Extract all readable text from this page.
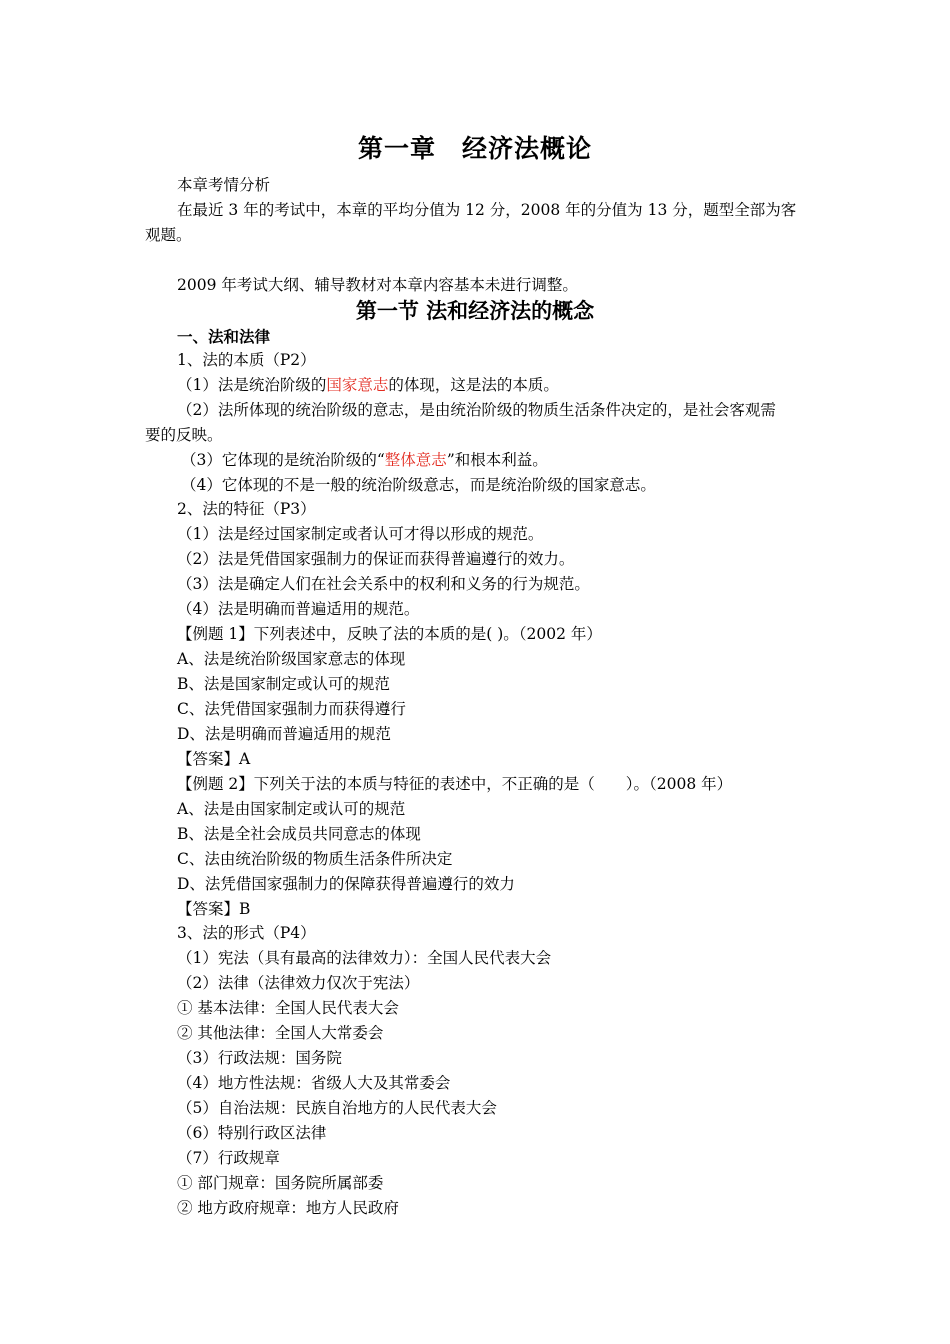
第一章　经济法概论
本章考情分析
在最近 3 年的考试中，本章的平均分值为 12 分，2008 年的分值为 13 分，题型全部为客
观题。
2009 年考试大纲、辅导教材对本章内容基本未进行调整。
第一节 法和经济法的概念
一、法和法律
1、法的本质（P2）
（1）法是统治阶级的国家意志的体现，这是法的本质。
（2）法所体现的统治阶级的意志，是由统治阶级的物质生活条件决定的，是社会客观需
要的反映。
（3）它体现的是统治阶级的“整体意志”和根本利益。
（4）它体现的不是一般的统治阶级意志，而是统治阶级的国家意志。
2、法的特征（P3）
（1）法是经过国家制定或者认可才得以形成的规范。
（2）法是凭借国家强制力的保证而获得普遍遵行的效力。
（3）法是确定人们在社会关系中的权利和义务的行为规范。
（4）法是明确而普遍适用的规范。
【例题 1】下列表述中，反映了法的本质的是( )。（2002 年）
A、法是统治阶级国家意志的体现
B、法是国家制定或认可的规范
C、法凭借国家强制力而获得遵行
D、法是明确而普遍适用的规范
【答案】A
【例题 2】下列关于法的本质与特征的表述中，不正确的是（　　）。（2008 年）
A、法是由国家制定或认可的规范
B、法是全社会成员共同意志的体现
C、法由统治阶级的物质生活条件所决定
D、法凭借国家强制力的保障获得普遍遵行的效力
【答案】B
3、法的形式（P4）
（1）宪法（具有最高的法律效力）：全国人民代表大会
（2）法律（法律效力仅次于宪法）
① 基本法律：全国人民代表大会
② 其他法律：全国人大常委会
（3）行政法规：国务院
（4）地方性法规：省级人大及其常委会
（5）自治法规：民族自治地方的人民代表大会
（6）特别行政区法律
（7）行政规章
① 部门规章：国务院所属部委
② 地方政府规章：地方人民政府
